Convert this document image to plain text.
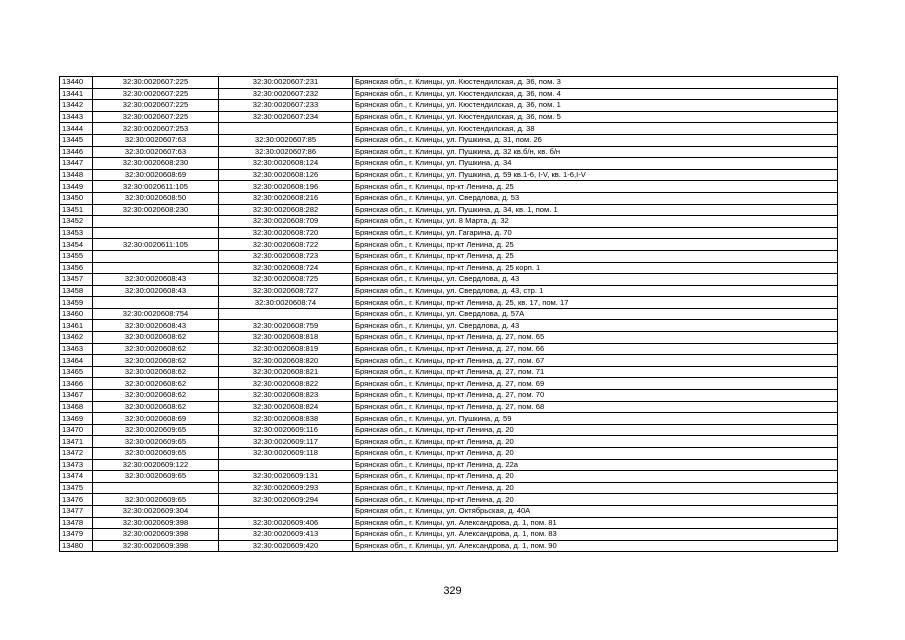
13440	32:30:0020607:225	32:30:0020607:231	Брянская обл., г. Клинцы, ул. Кюстендилская, д. 36, пом. 3
13441	32:30:0020607:225	32:30:0020607:232	Брянская обл., г. Клинцы, ул. Кюстендилская, д. 36, пом. 4
13442	32:30:0020607:225	32:30:0020607:233	Брянская обл., г. Клинцы, ул. Кюстендилская, д. 36, пом. 1
13443	32:30:0020607:225	32:30:0020607:234	Брянская обл., г. Клинцы, ул. Кюстендилская, д. 36, пом. 5
13444	32:30:0020607:253		Брянская обл., г. Клинцы, ул. Кюстендилская, д. 38
13445	32:30:0020607:63	32:30:0020607:85	Брянская обл., г. Клинцы, ул. Пушкина, д. 31, пом. 26
13446	32:30:0020607:63	32:30:0020607:86	Брянская обл., г. Клинцы, ул. Пушкина, д. 32 кв.б/н, кв. б/н
13447	32:30:0020608:230	32:30:0020608:124	Брянская обл., г. Клинцы, ул. Пушкина, д. 34
13448	32:30:0020608:69	32:30:0020608:126	Брянская обл., г. Клинцы, ул. Пушкина, д. 59 кв.1-6, I-V, кв. 1-6,I-V
13449	32:30:0020611:105	32:30:0020608:196	Брянская обл., г. Клинцы, пр-кт Ленина, д. 25
13450	32:30:0020608:50	32:30:0020608:216	Брянская обл., г. Клинцы, ул. Свердлова, д. 53
13451	32:30:0020608:230	32:30:0020608:282	Брянская обл., г. Клинцы, ул. Пушкина, д. 34, кв. 1, пом. 1
13452		32:30:0020608:709	Брянская обл., г. Клинцы, ул. 8 Марта, д. 32
13453		32:30:0020608:720	Брянская обл., г. Клинцы, ул. Гагарина, д. 70
13454	32:30:0020611:105	32:30:0020608:722	Брянская обл., г. Клинцы, пр-кт Ленина, д. 25
13455		32:30:0020608:723	Брянская обл., г. Клинцы, пр-кт Ленина, д. 25
13456		32:30:0020608:724	Брянская обл., г. Клинцы, пр-кт Ленина, д. 25 корп. 1
13457	32:30:0020608:43	32:30:0020608:725	Брянская обл., г. Клинцы, ул. Свердлова, д. 43
13458	32:30:0020608:43	32:30:0020608:727	Брянская обл., г. Клинцы, ул. Свердлова, д. 43, стр. 1
13459		32:30:0020608:74	Брянская обл., г. Клинцы, пр-кт Ленина, д. 25, кв. 17, пом. 17
13460	32:30:0020608:754		Брянская обл., г. Клинцы, ул. Свердлова, д. 57А
13461	32:30:0020608:43	32:30:0020608:759	Брянская обл., г. Клинцы, ул. Свердлова, д. 43
13462	32:30:0020608:62	32:30:0020608:818	Брянская обл., г. Клинцы, пр-кт Ленина, д. 27, пом. 65
13463	32:30:0020608:62	32:30:0020608:819	Брянская обл., г. Клинцы, пр-кт Ленина, д. 27, пом. 66
13464	32:30:0020608:62	32:30:0020608:820	Брянская обл., г. Клинцы, пр-кт Ленина, д. 27, пом. 67
13465	32:30:0020608:62	32:30:0020608:821	Брянская обл., г. Клинцы, пр-кт Ленина, д. 27, пом. 71
13466	32:30:0020608:62	32:30:0020608:822	Брянская обл., г. Клинцы, пр-кт Ленина, д. 27, пом. 69
13467	32:30:0020608:62	32:30:0020608:823	Брянская обл., г. Клинцы, пр-кт Ленина, д. 27, пом. 70
13468	32:30:0020608:62	32:30:0020608:824	Брянская обл., г. Клинцы, пр-кт Ленина, д. 27, пом. 68
13469	32:30:0020608:69	32:30:0020608:838	Брянская обл., г. Клинцы, ул. Пушкина, д. 59
13470	32:30:0020609:65	32:30:0020609:116	Брянская обл., г. Клинцы, пр-кт Ленина, д. 20
13471	32:30:0020609:65	32:30:0020609:117	Брянская обл., г. Клинцы, пр-кт Ленина, д. 20
13472	32:30:0020609:65	32:30:0020609:118	Брянская обл., г. Клинцы, пр-кт Ленина, д. 20
13473	32:30:0020609:122		Брянская обл., г. Клинцы, пр-кт Ленина, д. 22а
13474	32:30:0020609:65	32:30:0020609:131	Брянская обл., г. Клинцы, пр-кт Ленина, д. 20
13475		32:30:0020609:293	Брянская обл., г. Клинцы, пр-кт Ленина, д. 20
13476	32:30:0020609:65	32:30:0020609:294	Брянская обл., г. Клинцы, пр-кт Ленина, д. 20
13477	32:30:0020609:304		Брянская обл., г. Клинцы, ул. Октябрьская, д. 40А
13478	32:30:0020609:398	32:30:0020609:406	Брянская обл., г. Клинцы, ул. Александрова, д. 1, пом. 81
13479	32:30:0020609:398	32:30:0020609:413	Брянская обл., г. Клинцы, ул. Александрова, д. 1, пом. 83
13480	32:30:0020609:398	32:30:0020609:420	Брянская обл., г. Клинцы, ул. Александрова, д. 1, пом. 90
329
